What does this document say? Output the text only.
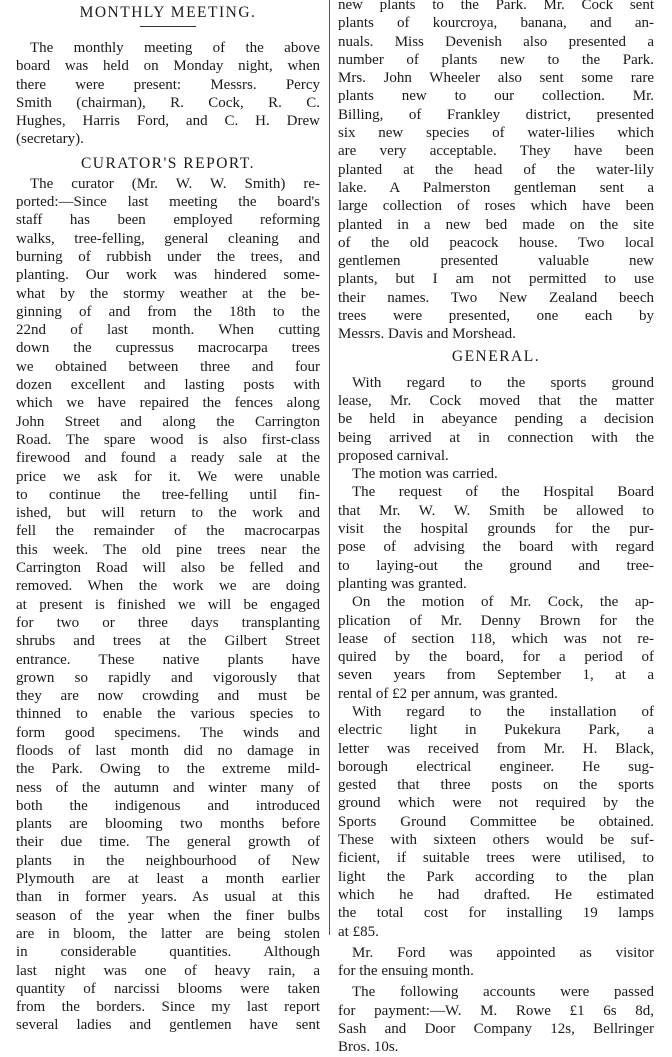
MONTHLY MEETING.
The monthly meeting of the above
board was held on Monday night, when
there were present: Messrs. Percy
Smith (chairman), R. Cock, R. C.
Hughes, Harris Ford, and C. H. Drew
(secretary).
CURATOR'S REPORT.
The curator (Mr. W. W. Smith) re-
ported:—Since last meeting the board's
staff has been employed reforming
walks, tree-felling, general cleaning and
burning of rubbish under the trees, and
planting. Our work was hindered some-
what by the stormy weather at the be-
ginning of and from the 18th to the
22nd of last month. When cutting
down the cupressus macrocarpa trees
we obtained between three and four
dozen excellent and lasting posts with
which we have repaired the fences along
John Street and along the Carrington
Road. The spare wood is also first-class
firewood and found a ready sale at the
price we ask for it. We were unable
to continue the tree-felling until fin-
ished, but will return to the work and
fell the remainder of the macrocarpas
this week. The old pine trees near the
Carrington Road will also be felled and
removed. When the work we are doing
at present is finished we will be engaged
for two or three days transplanting
shrubs and trees at the Gilbert Street
entrance. These native plants have
grown so rapidly and vigorously that
they are now crowding and must be
thinned to enable the various species to
form good specimens. The winds and
floods of last month did no damage in
the Park. Owing to the extreme mild-
ness of the autumn and winter many of
both the indigenous and introduced
plants are blooming two months before
their due time. The general growth of
plants in the neighbourhood of New
Plymouth are at least a month earlier
than in former years. As usual at this
season of the year when the finer bulbs
are in bloom, the latter are being stolen
in considerable quantities. Although
last night was one of heavy rain, a
quantity of narcissi blooms were taken
from the borders. Since my last report
several ladies and gentlemen have sent
new plants to the Park. Mr. Cock sent
plants of kourcroya, banana, and an-
nuals. Miss Devenish also presented a
number of plants new to the Park.
Mrs. John Wheeler also sent some rare
plants new to our collection. Mr.
Billing, of Frankley district, presented
six new species of water-lilies which
are very acceptable. They have been
planted at the head of the water-lily
lake. A Palmerston gentleman sent a
large collection of roses which have been
planted in a new bed made on the site
of the old peacock house. Two local
gentlemen presented valuable new
plants, but I am not permitted to use
their names. Two New Zealand beech
trees were presented, one each by
Messrs. Davis and Morshead.
GENERAL.
With regard to the sports ground
lease, Mr. Cock moved that the matter
be held in abeyance pending a decision
being arrived at in connection with the
proposed carnival.
The motion was carried.
The request of the Hospital Board
that Mr. W. W. Smith be allowed to
visit the hospital grounds for the pur-
pose of advising the board with regard
to laying-out the ground and tree-
planting was granted.
On the motion of Mr. Cock, the ap-
plication of Mr. Denny Brown for the
lease of section 118, which was not re-
quired by the board, for a period of
seven years from September 1, at a
rental of £2 per annum, was granted.
With regard to the installation of
electric light in Pukekura Park, a
letter was received from Mr. H. Black,
borough electrical engineer. He sug-
gested that three posts on the sports
ground which were not required by the
Sports Ground Committee be obtained.
These with sixteen others would be suf-
ficient, if suitable trees were utilised, to
light the Park according to the plan
which he had drafted. He estimated
the total cost for installing 19 lamps
at £85.
Mr. Ford was appointed as visitor
for the ensuing month.
The following accounts were passed
for payment:—W. M. Rowe £1 6s 8d,
Sash and Door Company 12s, Bellringer
Bros. 10s.
